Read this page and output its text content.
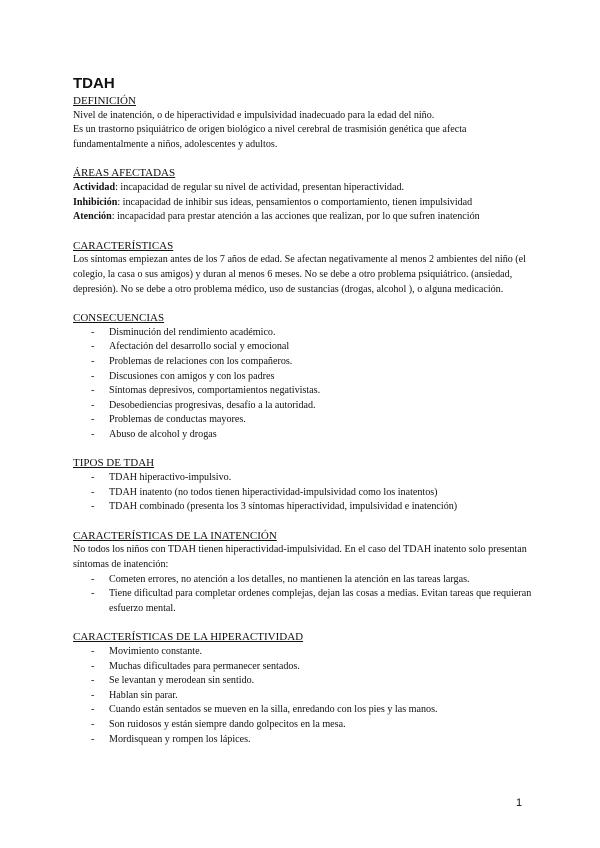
TDAH

DEFINICIÓN

Nivel de inatención, o de hiperactividad e impulsividad inadecuado para la edad del niño.

Es un trastorno psiquiátrico de origen biológico a nivel cerebral de trasmisión genética que afecta fundamentalmente a niños, adolescentes y adultos.

ÁREAS AFECTADAS

Actividad: incapacidad de regular su nivel de actividad, presentan hiperactividad.

Inhibición: incapacidad de inhibir sus ideas, pensamientos o comportamiento, tienen impulsividad

Atención: incapacidad para prestar atención a las acciones que realizan, por lo que sufren inatención

CARACTERÍSTICAS

Los síntomas empiezan antes de los 7 años de edad. Se afectan negativamente al menos 2 ambientes del niño (el colegio, la casa o sus amigos) y duran al menos 6 meses. No se debe a otro problema psiquiátrico. (ansiedad, depresión). No se debe a otro problema médico, uso de sustancias (drogas, alcohol ), o alguna medicación.

CONSECUENCIAS

- Disminución del rendimiento académico.
- Afectación del desarrollo social y emocional
- Problemas de relaciones con los compañeros.
- Discusiones con amigos y con los padres
- Síntomas depresivos, comportamientos negativistas.
- Desobediencias progresivas, desafío a la autoridad.
- Problemas de conductas mayores.
- Abuso de alcohol y drogas

TIPOS DE TDAH

- TDAH hiperactivo-impulsivo.
- TDAH inatento (no todos tienen hiperactividad-impulsividad como los inatentos)
- TDAH combinado (presenta los 3 síntomas hiperactividad, impulsividad e inatención)

CARACTERÍSTICAS DE LA INATENCIÓN

No todos los niños con TDAH tienen hiperactividad-impulsividad. En el caso del TDAH inatento solo presentan síntomas de inatención:

- Cometen errores, no atención a los detalles, no mantienen la atención en las tareas largas.
- Tiene dificultad para completar ordenes complejas, dejan las cosas a medias. Evitan tareas que requieran esfuerzo mental.

CARACTERÍSTICAS DE LA HIPERACTIVIDAD

- Movimiento constante.
- Muchas dificultades para permanecer sentados.
- Se levantan y merodean sin sentido.
- Hablan sin parar.
- Cuando están sentados se mueven en la silla, enredando con los pies y las manos.
- Son ruidosos y están siempre dando golpecitos en la mesa.
- Mordisquean y rompen los lápices.
1
